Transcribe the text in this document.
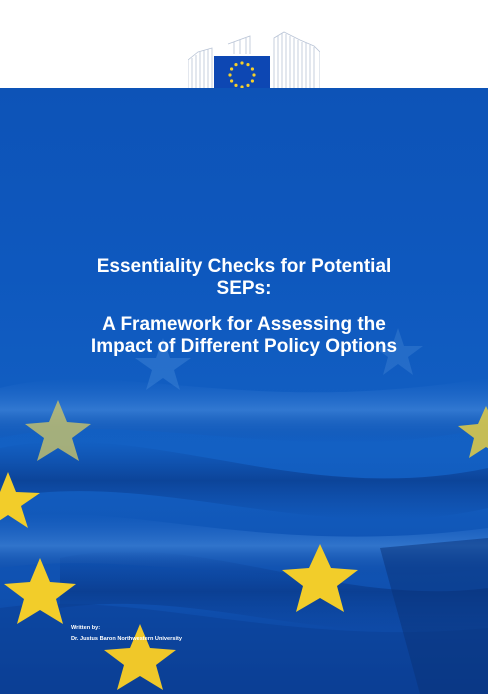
Essentiality Checks for Potential
SEPs:
A Framework for Assessing the
Impact of Different Policy Options
Written by:
Dr. Justus Baron Northwestern University
